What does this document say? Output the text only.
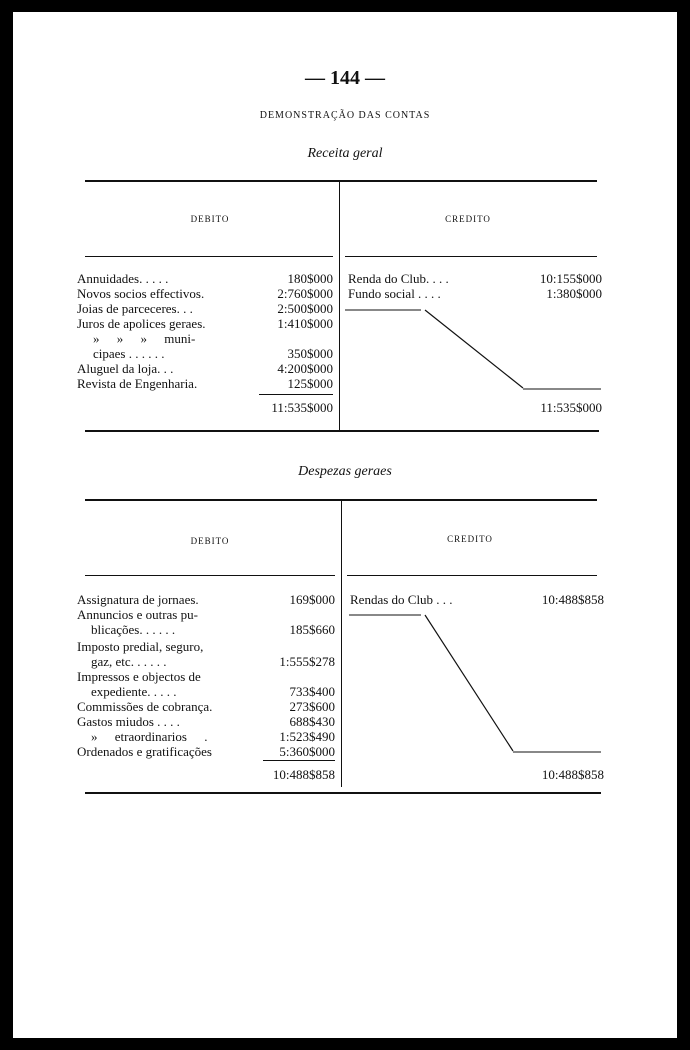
— 144 —
DEMONSTRAÇÃO DAS CONTAS
Receita geral
DEBITO	CREDITO
Annuidades. . . . .	180$000
Novos socios effectivos.	2:760$000
Joias de parceceres. . .	2:500$000
Juros de apolices geraes.	1:410$000
» » » muni-
cipaes . . . . . .	350$000
Aluguel da loja. . .	4:200$000
Revista de Engenharia.	125$000
11:535$000
Renda do Club. . . .	10:155$000
Fundo social . . . .	1:380$000
11:535$000
Despezas geraes
DEBITO	CREDITO
Assignatura de jornaes.	169$000
Annuncios e outras pu-
blicações. . . . . .	185$660
Imposto predial, seguro,
gaz, etc. . . . . .	1:555$278
Impressos e objectos de
expediente. . . . .	733$400
Commissões de cobrança.	273$600
Gastos miudos . . . .	688$430
» etraordinarios .	1:523$490
Ordenados e gratificações	5:360$000
10:488$858
Rendas do Club . . .	10:488$858
10:488$858
